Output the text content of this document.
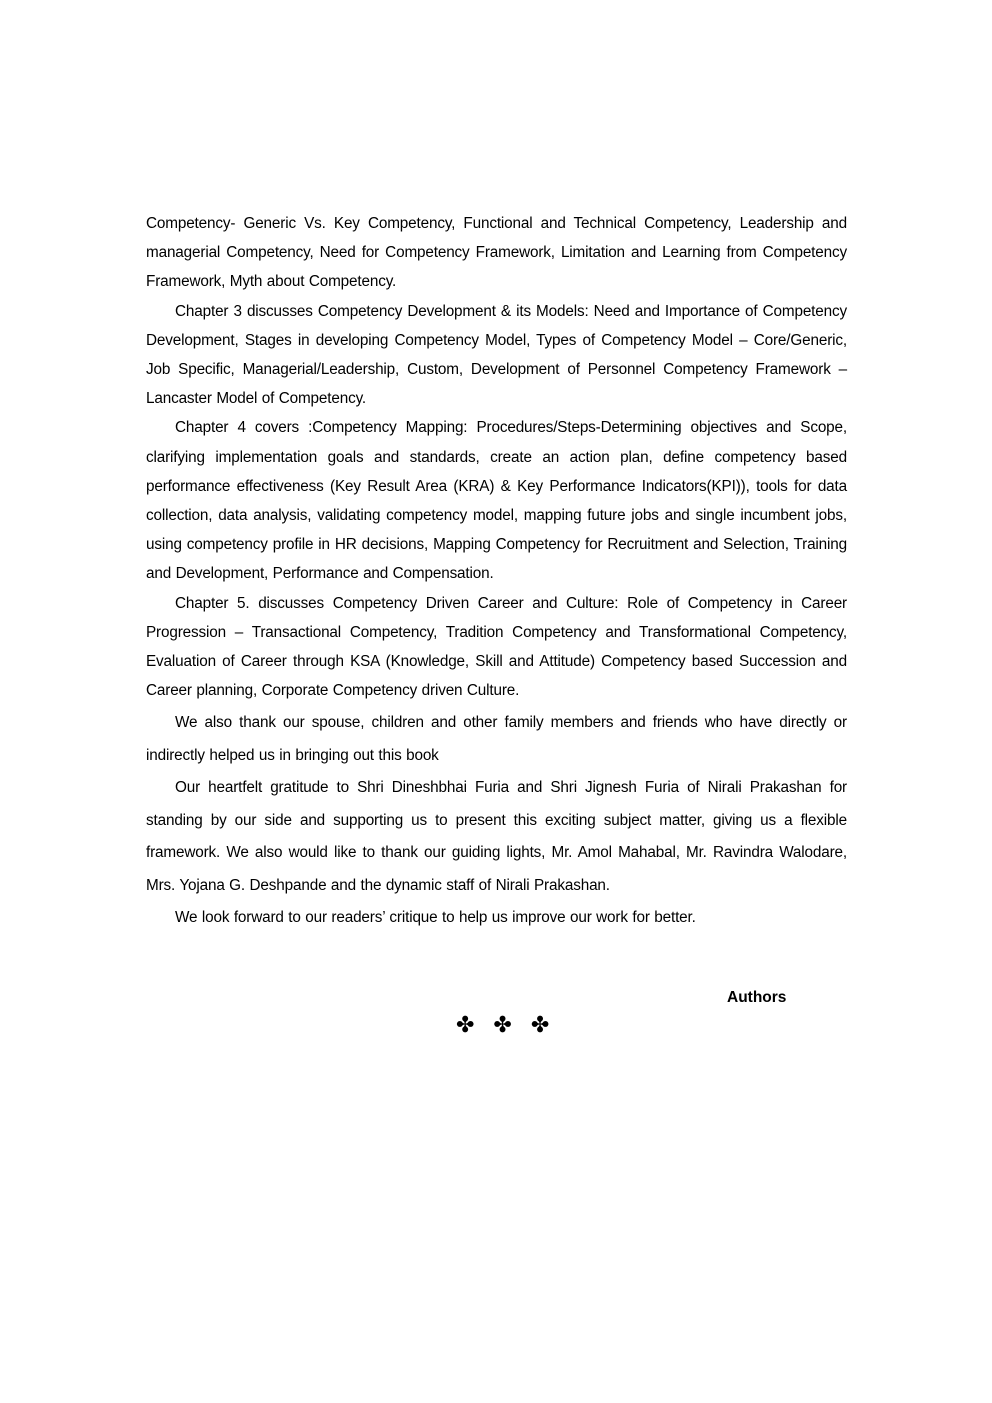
Competency- Generic Vs. Key Competency, Functional and Technical Competency, Leadership and managerial Competency, Need for Competency Framework, Limitation and Learning from Competency Framework, Myth about Competency.

Chapter 3 discusses Competency Development & its Models: Need and Importance of Competency Development, Stages in developing Competency Model, Types of Competency Model – Core/Generic, Job Specific, Managerial/Leadership, Custom, Development of Personnel Competency Framework – Lancaster Model of Competency.

Chapter 4 covers :Competency Mapping: Procedures/Steps-Determining objectives and Scope, clarifying implementation goals and standards, create an action plan, define competency based performance effectiveness (Key Result Area (KRA) & Key Performance Indicators(KPI)), tools for data collection, data analysis, validating competency model, mapping future jobs and single incumbent jobs, using competency profile in HR decisions, Mapping Competency for Recruitment and Selection, Training and Development, Performance and Compensation.

Chapter 5. discusses Competency Driven Career and Culture: Role of Competency in Career Progression – Transactional Competency, Tradition Competency and Transformational Competency, Evaluation of Career through KSA (Knowledge, Skill and Attitude) Competency based Succession and Career planning, Corporate Competency driven Culture.

We also thank our spouse, children and other family members and friends who have directly or indirectly helped us in bringing out this book

Our heartfelt gratitude to Shri Dineshbhai Furia and Shri Jignesh Furia of Nirali Prakashan for standing by our side and supporting us to present this exciting subject matter, giving us a flexible framework. We also would like to thank our guiding lights, Mr. Amol Mahabal, Mr. Ravindra Walodare, Mrs. Yojana G. Deshpande and the dynamic staff of Nirali Prakashan.

We look forward to our readers’ critique to help us improve our work for better.

Authors
✤ ✤ ✤
